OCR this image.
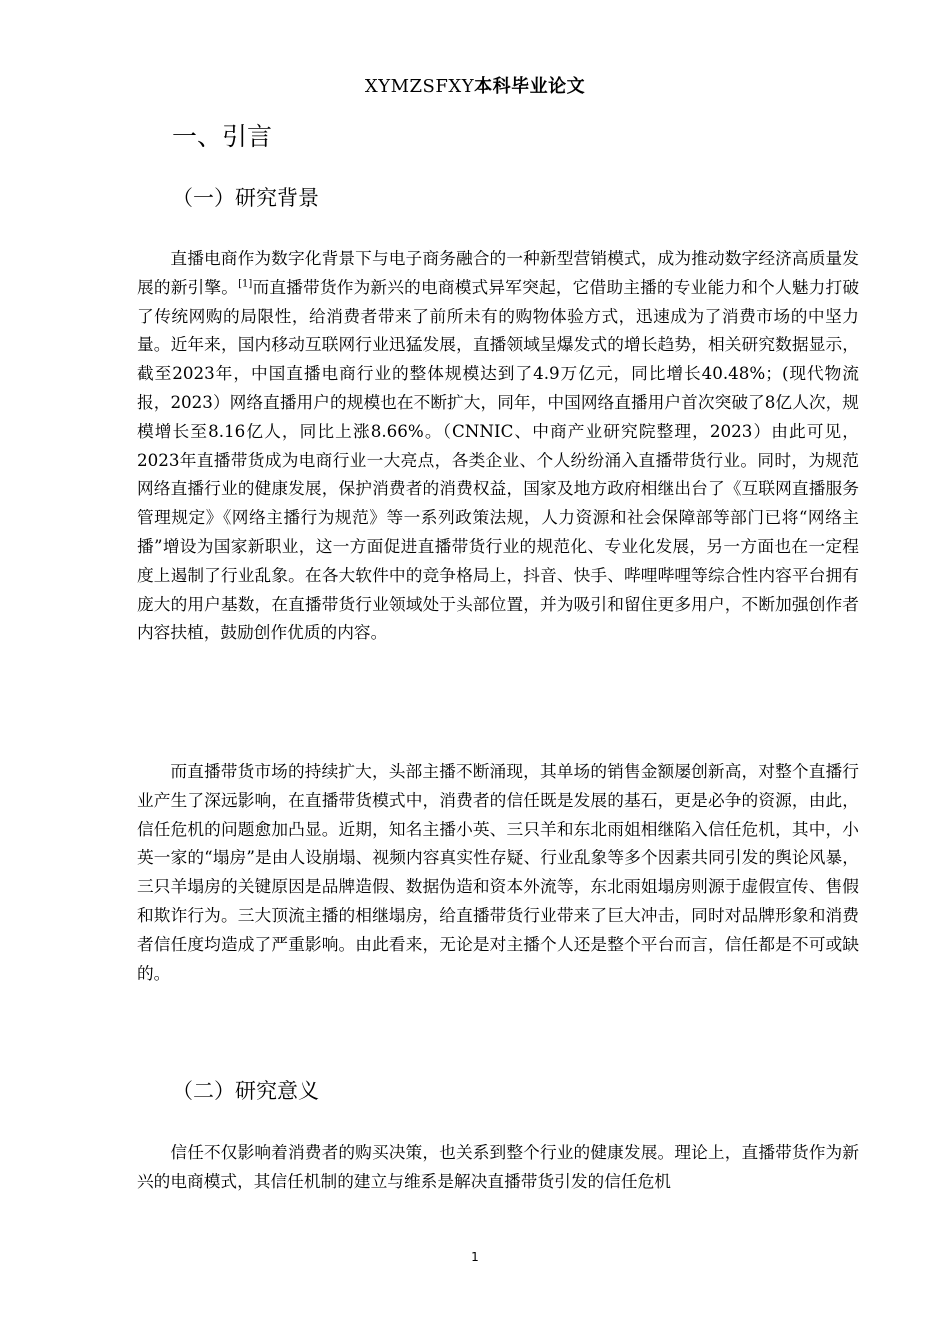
XYMZSFXY本科毕业论文
一、引言
（一）研究背景

直播电商作为数字化背景下与电子商务融合的一种新型营销模式，成为推动数字经济高质量发展的新引擎。[1]而直播带货作为新兴的电商模式异军突起，它借助主播的专业能力和个人魅力打破了传统网购的局限性，给消费者带来了前所未有的购物体验方式，迅速成为了消费市场的中坚力量。近年来，国内移动互联网行业迅猛发展，直播领域呈爆发式的增长趋势，相关研究数据显示，截至2023年，中国直播电商行业的整体规模达到了4.9万亿元，同比增长40.48%；(现代物流报，2023）网络直播用户的规模也在不断扩大，同年，中国网络直播用户首次突破了8亿人次，规模增长至8.16亿人，同比上涨8.66%。（CNNIC、中商产业研究院整理，2023）由此可见，2023年直播带货成为电商行业一大亮点，各类企业、个人纷纷涌入直播带货行业。同时，为规范网络直播行业的健康发展，保护消费者的消费权益，国家及地方政府相继出台了《互联网直播服务管理规定》《网络主播行为规范》等一系列政策法规，人力资源和社会保障部等部门已将“网络主播”增设为国家新职业，这一方面促进直播带货行业的规范化、专业化发展，另一方面也在一定程度上遏制了行业乱象。在各大软件中的竞争格局上，抖音、快手、哔哩哔哩等综合性内容平台拥有庞大的用户基数，在直播带货行业领域处于头部位置，并为吸引和留住更多用户，不断加强创作者内容扶植，鼓励创作优质的内容。

而直播带货市场的持续扩大，头部主播不断涌现，其单场的销售金额屡创新高，对整个直播行业产生了深远影响，在直播带货模式中，消费者的信任既是发展的基石，更是必争的资源，由此，信任危机的问题愈加凸显。近期，知名主播小英、三只羊和东北雨姐相继陷入信任危机，其中，小英一家的“塌房”是由人设崩塌、视频内容真实性存疑、行业乱象等多个因素共同引发的舆论风暴，三只羊塌房的关键原因是品牌造假、数据伪造和资本外流等，东北雨姐塌房则源于虚假宣传、售假和欺诈行为。三大顶流主播的相继塌房，给直播带货行业带来了巨大冲击，同时对品牌形象和消费者信任度均造成了严重影响。由此看来，无论是对主播个人还是整个平台而言，信任都是不可或缺的。

（二）研究意义

信任不仅影响着消费者的购买决策，也关系到整个行业的健康发展。理论上，直播带货作为新兴的电商模式，其信任机制的建立与维系是解决直播带货引发的信任危机

1
